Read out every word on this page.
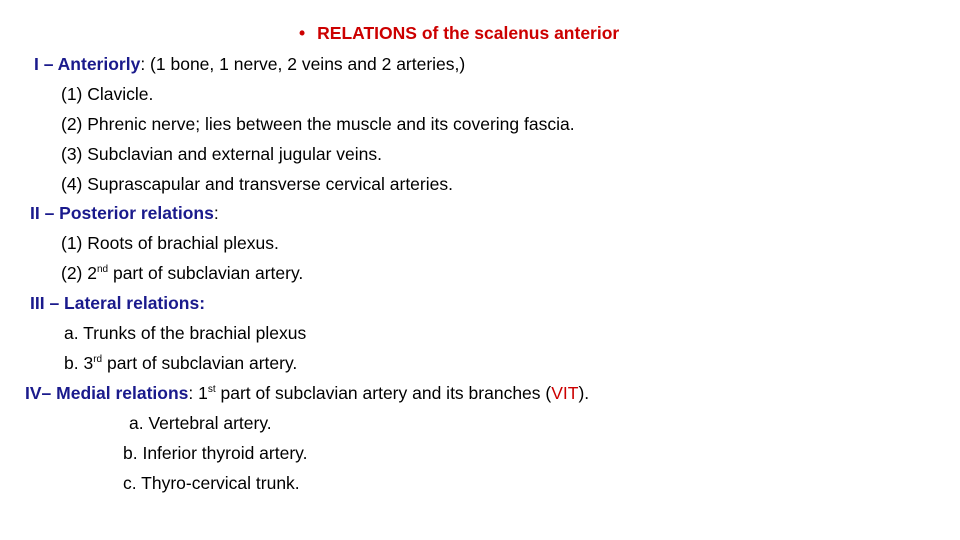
• RELATIONS of the scalenus anterior
I – Anteriorly: (1 bone, 1 nerve, 2 veins and 2 arteries,)
(1) Clavicle.
(2) Phrenic nerve; lies between the muscle and its covering fascia.
(3) Subclavian and external jugular veins.
(4) Suprascapular and transverse cervical arteries.
II – Posterior relations:
(1) Roots of brachial plexus.
(2) 2nd part of subclavian artery.
III – Lateral relations:
a. Trunks of the brachial plexus
b. 3rd part of subclavian artery.
IV– Medial relations: 1st part of subclavian artery and its branches (VIT).
a. Vertebral artery.
b. Inferior thyroid artery.
c. Thyro-cervical trunk.
